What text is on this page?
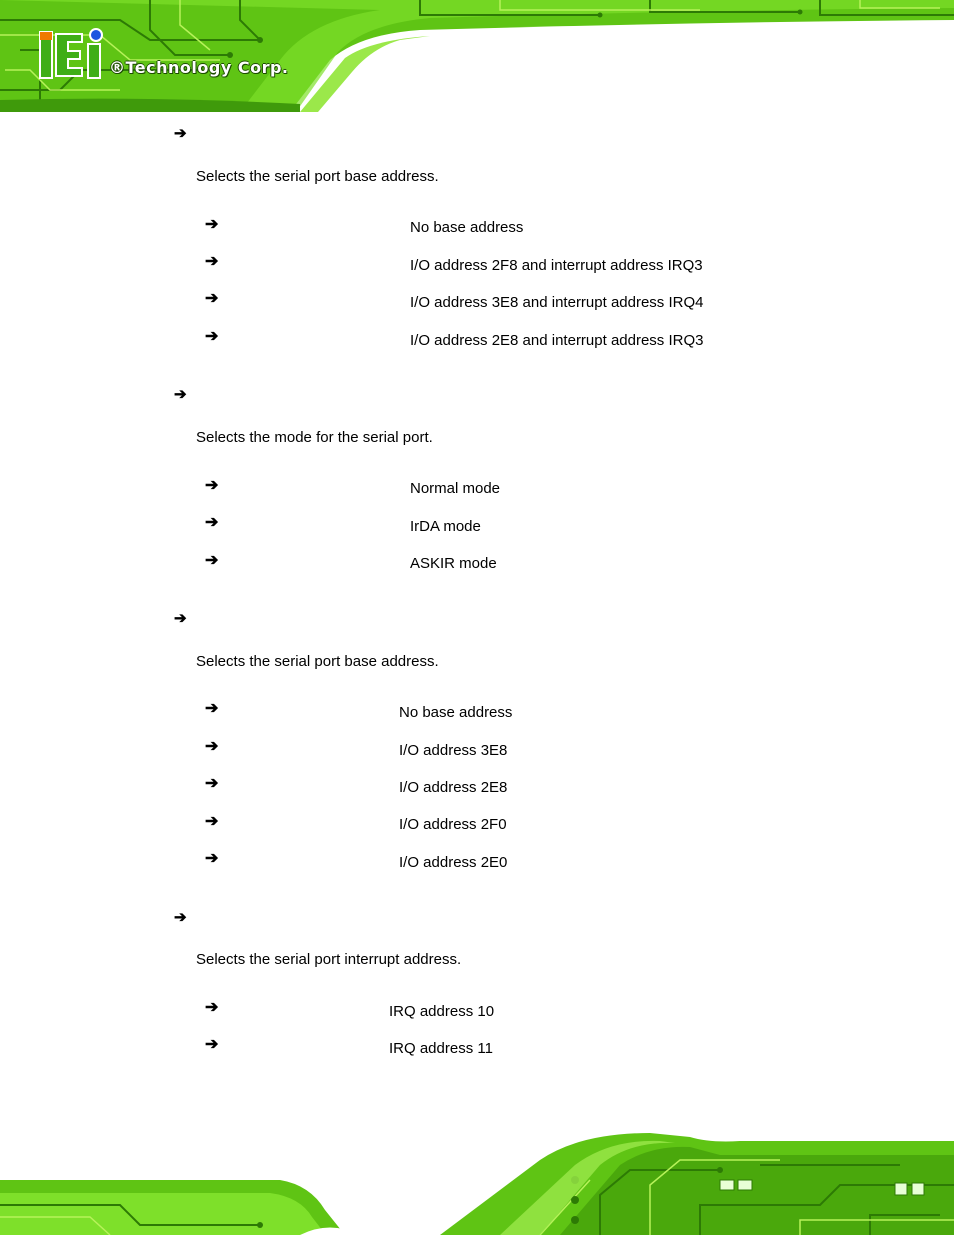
®Technology Corp.
➔
Selects the serial port base address.
➔	No base address
➔	I/O address 2F8 and interrupt address IRQ3
➔	I/O address 3E8 and interrupt address IRQ4
➔	I/O address 2E8 and interrupt address IRQ3
➔
Selects the mode for the serial port.
➔	Normal mode
➔	IrDA mode
➔	ASKIR mode
➔
Selects the serial port base address.
➔	No base address
➔	I/O address 3E8
➔	I/O address 2E8
➔	I/O address 2F0
➔	I/O address 2E0
➔
Selects the serial port interrupt address.
➔	IRQ address 10
➔	IRQ address 11
